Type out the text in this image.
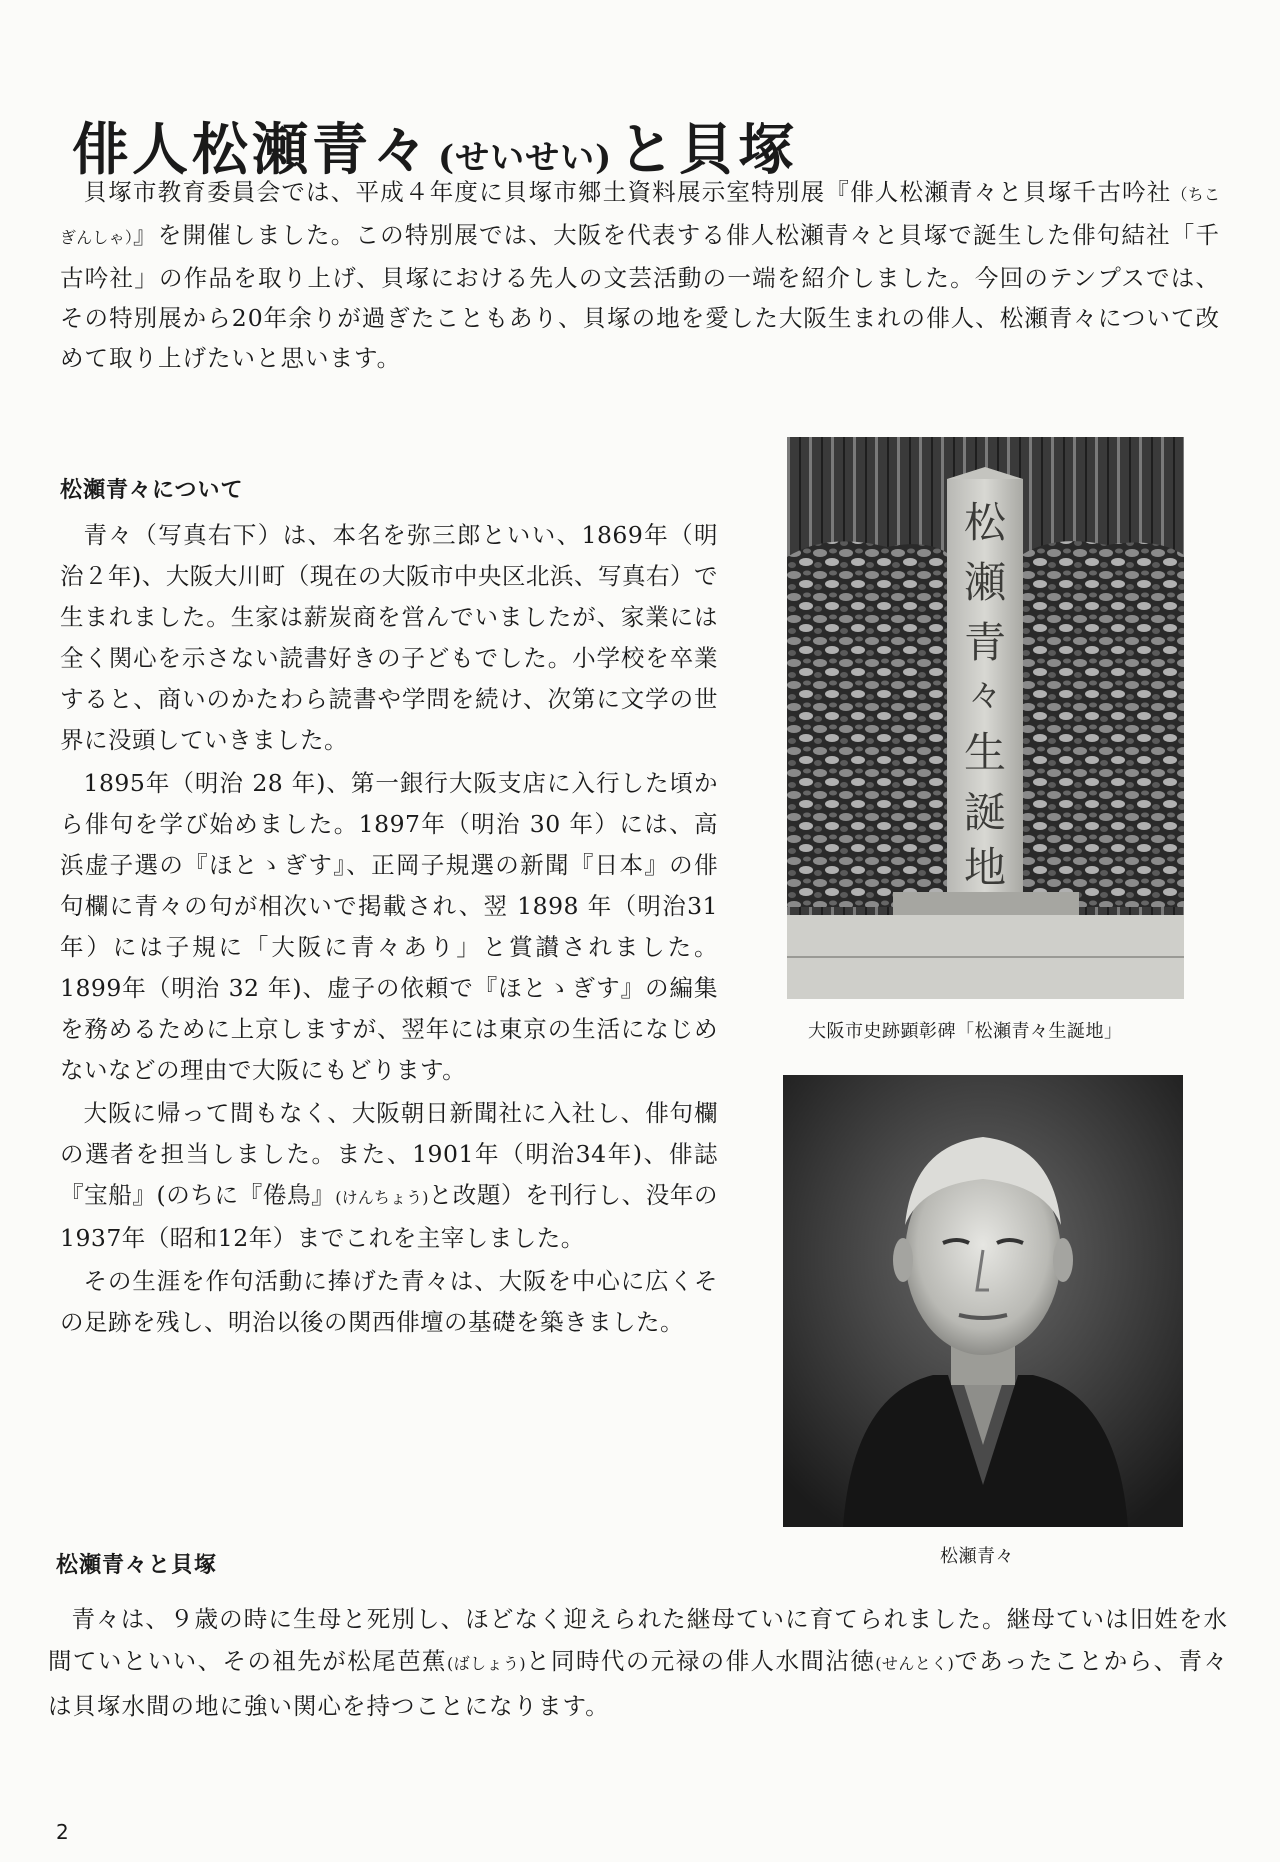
俳人松瀬青々 (せいせい) と貝塚

貝塚市教育委員会では、平成４年度に貝塚市郷土資料展示室特別展『俳人松瀬青々と貝塚千古吟社（ちこぎんしゃ）』を開催しました。この特別展では、大阪を代表する俳人松瀬青々と貝塚で誕生した俳句結社「千古吟社」の作品を取り上げ、貝塚における先人の文芸活動の一端を紹介しました。今回のテンプスでは、その特別展から20年余りが過ぎたこともあり、貝塚の地を愛した大阪生まれの俳人、松瀬青々について改めて取り上げたいと思います。

松瀬青々について

青々（写真右下）は、本名を弥三郎といい、1869年（明治２年)、大阪大川町（現在の大阪市中央区北浜、写真右）で生まれました。生家は薪炭商を営んでいましたが、家業には全く関心を示さない読書好きの子どもでした。小学校を卒業すると、商いのかたわら読書や学問を続け、次第に文学の世界に没頭していきました。

1895年（明治 28 年)、第一銀行大阪支店に入行した頃から俳句を学び始めました。1897年（明治 30 年）には、高浜虚子選の『ほとゝぎす』、正岡子規選の新聞『日本』の俳句欄に青々の句が相次いで掲載され、翌 1898 年（明治31年）には子規に「大阪に青々あり」と賞讃されました。1899年（明治 32 年)、虚子の依頼で『ほとゝぎす』の編集を務めるために上京しますが、翌年には東京の生活になじめないなどの理由で大阪にもどります。

大阪に帰って間もなく、大阪朝日新聞社に入社し、俳句欄の選者を担当しました。また、1901年（明治34年)、俳誌『宝船』(のちに『倦鳥』(けんちょう)と改題）を刊行し、没年の1937年（昭和12年）までこれを主宰しました。

その生涯を作句活動に捧げた青々は、大阪を中心に広くその足跡を残し、明治以後の関西俳壇の基礎を築きました。

松
瀬
青
々
生
誕
地
大阪市史跡顕彰碑「松瀬青々生誕地」
松瀬青々
松瀬青々と貝塚

青々は、９歳の時に生母と死別し、ほどなく迎えられた継母ていに育てられました。継母ていは旧姓を水間ていといい、その祖先が松尾芭蕉(ばしょう)と同時代の元禄の俳人水間沾徳(せんとく)であったことから、青々は貝塚水間の地に強い関心を持つことになります。

2
